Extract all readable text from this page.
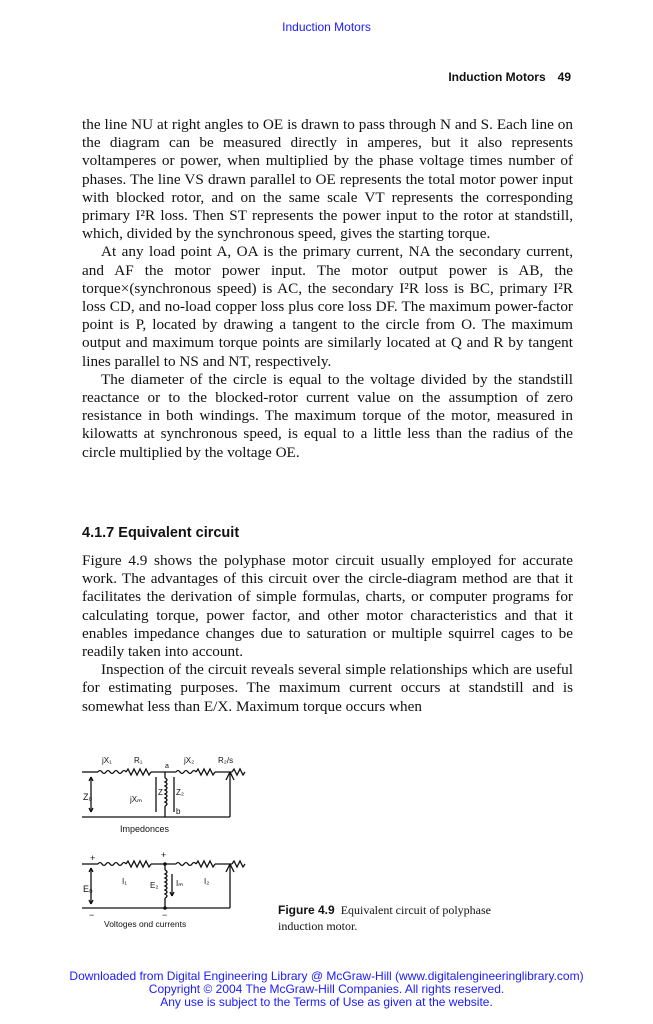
Induction Motors
Induction Motors 49

the line NU at right angles to OE is drawn to pass through N and S. Each line on the diagram can be measured directly in amperes, but it also represents voltamperes or power, when multiplied by the phase voltage times number of phases. The line VS drawn parallel to OE represents the total motor power input with blocked rotor, and on the same scale VT represents the corresponding primary I²R loss. Then ST represents the power input to the rotor at standstill, which, divided by the synchronous speed, gives the starting torque.

At any load point A, OA is the primary current, NA the secondary current, and AF the motor power input. The motor output power is AB, the torque×(synchronous speed) is AC, the secondary I²R loss is BC, primary I²R loss CD, and no-load copper loss plus core loss DF. The maximum power-factor point is P, located by drawing a tangent to the circle from O. The maximum output and maximum torque points are similarly located at Q and R by tangent lines parallel to NS and NT, respectively.

The diameter of the circle is equal to the voltage divided by the standstill reactance or to the blocked-rotor current value on the assumption of zero resistance in both windings. The maximum torque of the motor, measured in kilowatts at synchronous speed, is equal to a little less than the radius of the circle multiplied by the voltage OE.

4.1.7 Equivalent circuit

Figure 4.9 shows the polyphase motor circuit usually employed for accurate work. The advantages of this circuit over the circle-diagram method are that it facilitates the derivation of simple formulas, charts, or computer programs for calculating torque, power factor, and other motor characteristics and that it enables impedance changes due to saturation or multiple squirrel cages to be readily taken into account.

Inspection of the circuit reveals several simple relationships which are useful for estimating purposes. The maximum current occurs at standstill and is somewhat less than E/X. Maximum torque occurs when

jX₁	R₁
a
jX₂	R₂/s
Z₀	jXₘ
Z Z₂
b
Impedonces
+	+
E₀
I₁	E₂ Iₘ	I₂
−	−
Voltoges ond currents
Figure 4.9 Equivalent circuit of polyphase induction motor.
Downloaded from Digital Engineering Library @ McGraw-Hill (www.digitalengineeringlibrary.com)
Copyright © 2004 The McGraw-Hill Companies. All rights reserved.
Any use is subject to the Terms of Use as given at the website.
